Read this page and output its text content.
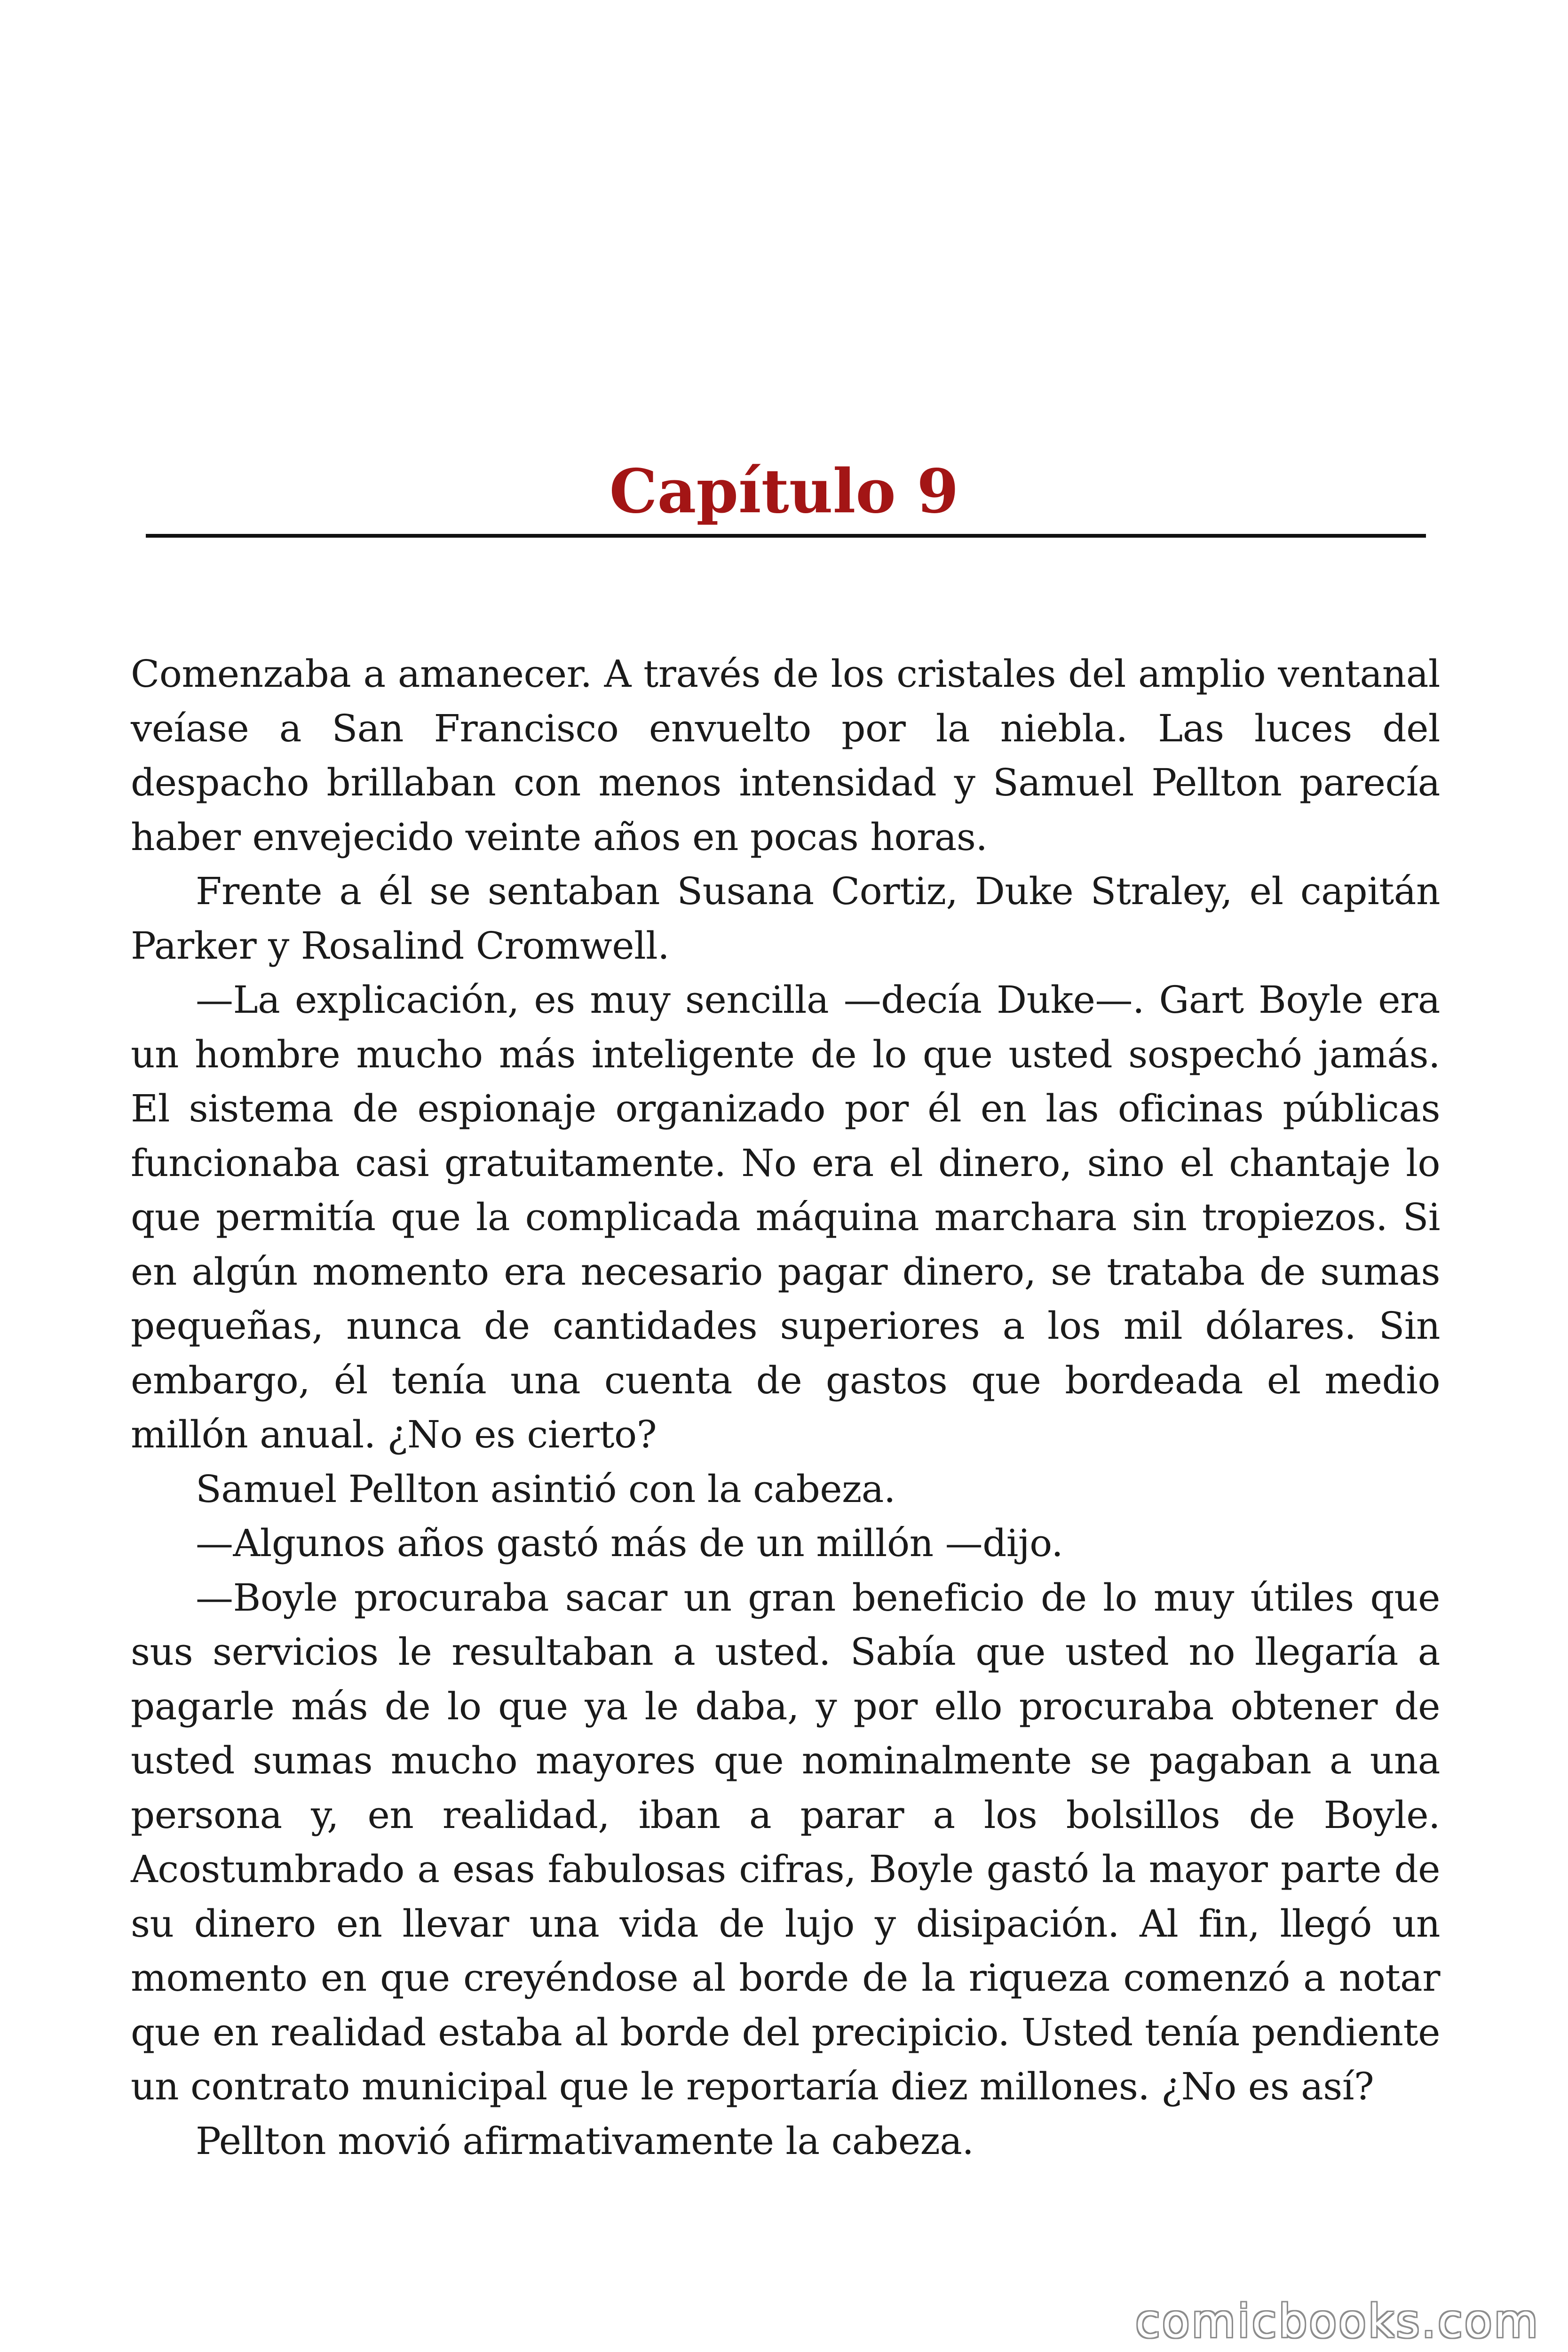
Capítulo 9

Comenzaba a amanecer. A través de los cristales del amplio ventanal veíase a San Francisco envuelto por la niebla. Las luces del despacho brillaban con menos intensidad y Samuel Pellton parecía haber envejecido veinte años en pocas horas.

Frente a él se sentaban Susana Cortiz, Duke Straley, el capitán Parker y Rosalind Cromwell.

—La explicación, es muy sencilla —decía Duke—. Gart Boyle era un hombre mucho más inteligente de lo que usted sospechó jamás. El sistema de espionaje organizado por él en las oficinas públicas funcionaba casi gratuitamente. No era el dinero, sino el chantaje lo que permitía que la complicada máquina marchara sin tropiezos. Si en algún momento era necesario pagar dinero, se trataba de sumas pequeñas, nunca de cantidades superiores a los mil dólares. Sin embargo, él tenía una cuenta de gastos que bordeada el medio millón anual. ¿No es cierto?

Samuel Pellton asintió con la cabeza.

—Algunos años gastó más de un millón —dijo.

—Boyle procuraba sacar un gran beneficio de lo muy útiles que sus servicios le resultaban a usted. Sabía que usted no llegaría a pagarle más de lo que ya le daba, y por ello procuraba obtener de usted sumas mucho mayores que nominalmente se pagaban a una persona y, en realidad, iban a parar a los bolsillos de Boyle. Acostumbrado a esas fabulosas cifras, Boyle gastó la mayor parte de su dinero en llevar una vida de lujo y disipación. Al fin, llegó un momento en que creyéndose al borde de la riqueza comenzó a notar que en realidad estaba al borde del precipicio. Usted tenía pendiente un contrato municipal que le reportaría diez millones. ¿No es así?

Pellton movió afirmativamente la cabeza.

comicbooks.com
